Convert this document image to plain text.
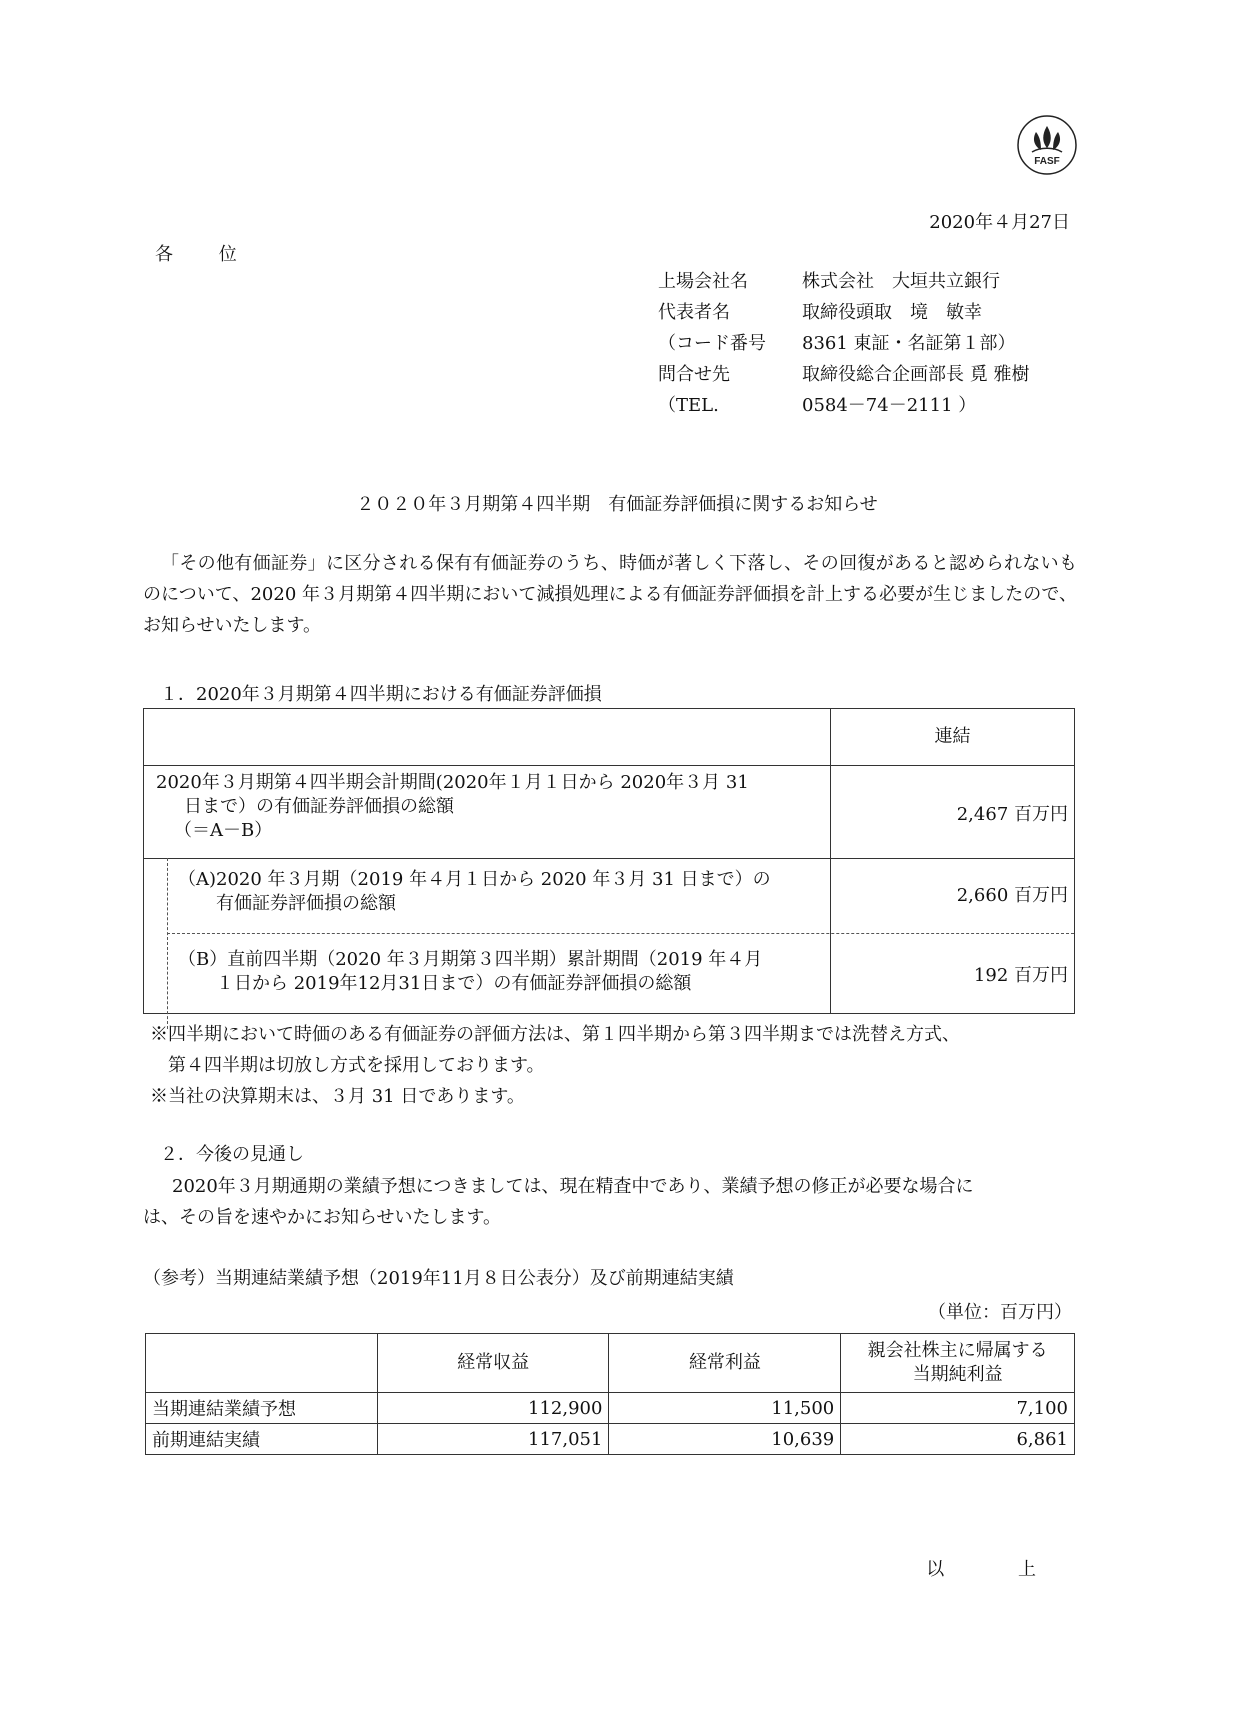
FASF
2020年４月27日
各 位
上場会社名	株式会社　大垣共立銀行
代表者名	取締役頭取　境　敏幸
（コード番号	8361 東証・名証第１部）
問合せ先	取締役総合企画部長 覓 雅樹
（TEL.	0584－74－2111 ）
２０２０年３月期第４四半期　有価証券評価損に関するお知らせ
「その他有価証券」に区分される保有有価証券のうち、時価が著しく下落し、その回復があると認められないものについて、2020 年３月期第４四半期において減損処理による有価証券評価損を計上する必要が生じましたので、お知らせいたします。
１．2020年３月期第４四半期における有価証券評価損
連結
2020年３月期第４四半期会計期間(2020年１月１日から 2020年３月 31
日まで）の有価証券評価損の総額
（＝A－B）
2,467 百万円
（A)2020 年３月期（2019 年４月１日から 2020 年３月 31 日まで）の
有価証券評価損の総額	2,660 百万円
（B）直前四半期（2020 年３月期第３四半期）累計期間（2019 年４月
１日から 2019年12月31日まで）の有価証券評価損の総額	192 百万円
※四半期において時価のある有価証券の評価方法は、第１四半期から第３四半期までは洗替え方式、
　第４四半期は切放し方式を採用しております。
※当社の決算期末は、３月 31 日であります。
２．今後の見通し
2020年３月期通期の業績予想につきましては、現在精査中であり、業績予想の修正が必要な場合に
は、その旨を速やかにお知らせいたします。
（参考）当期連結業績予想（2019年11月８日公表分）及び前期連結実績
（単位：百万円）
	経常収益	経常利益	親会社株主に帰属する
当期純利益

当期連結業績予想	112,900	11,500	7,100
前期連結実績	117,051	10,639	6,861
以 上
